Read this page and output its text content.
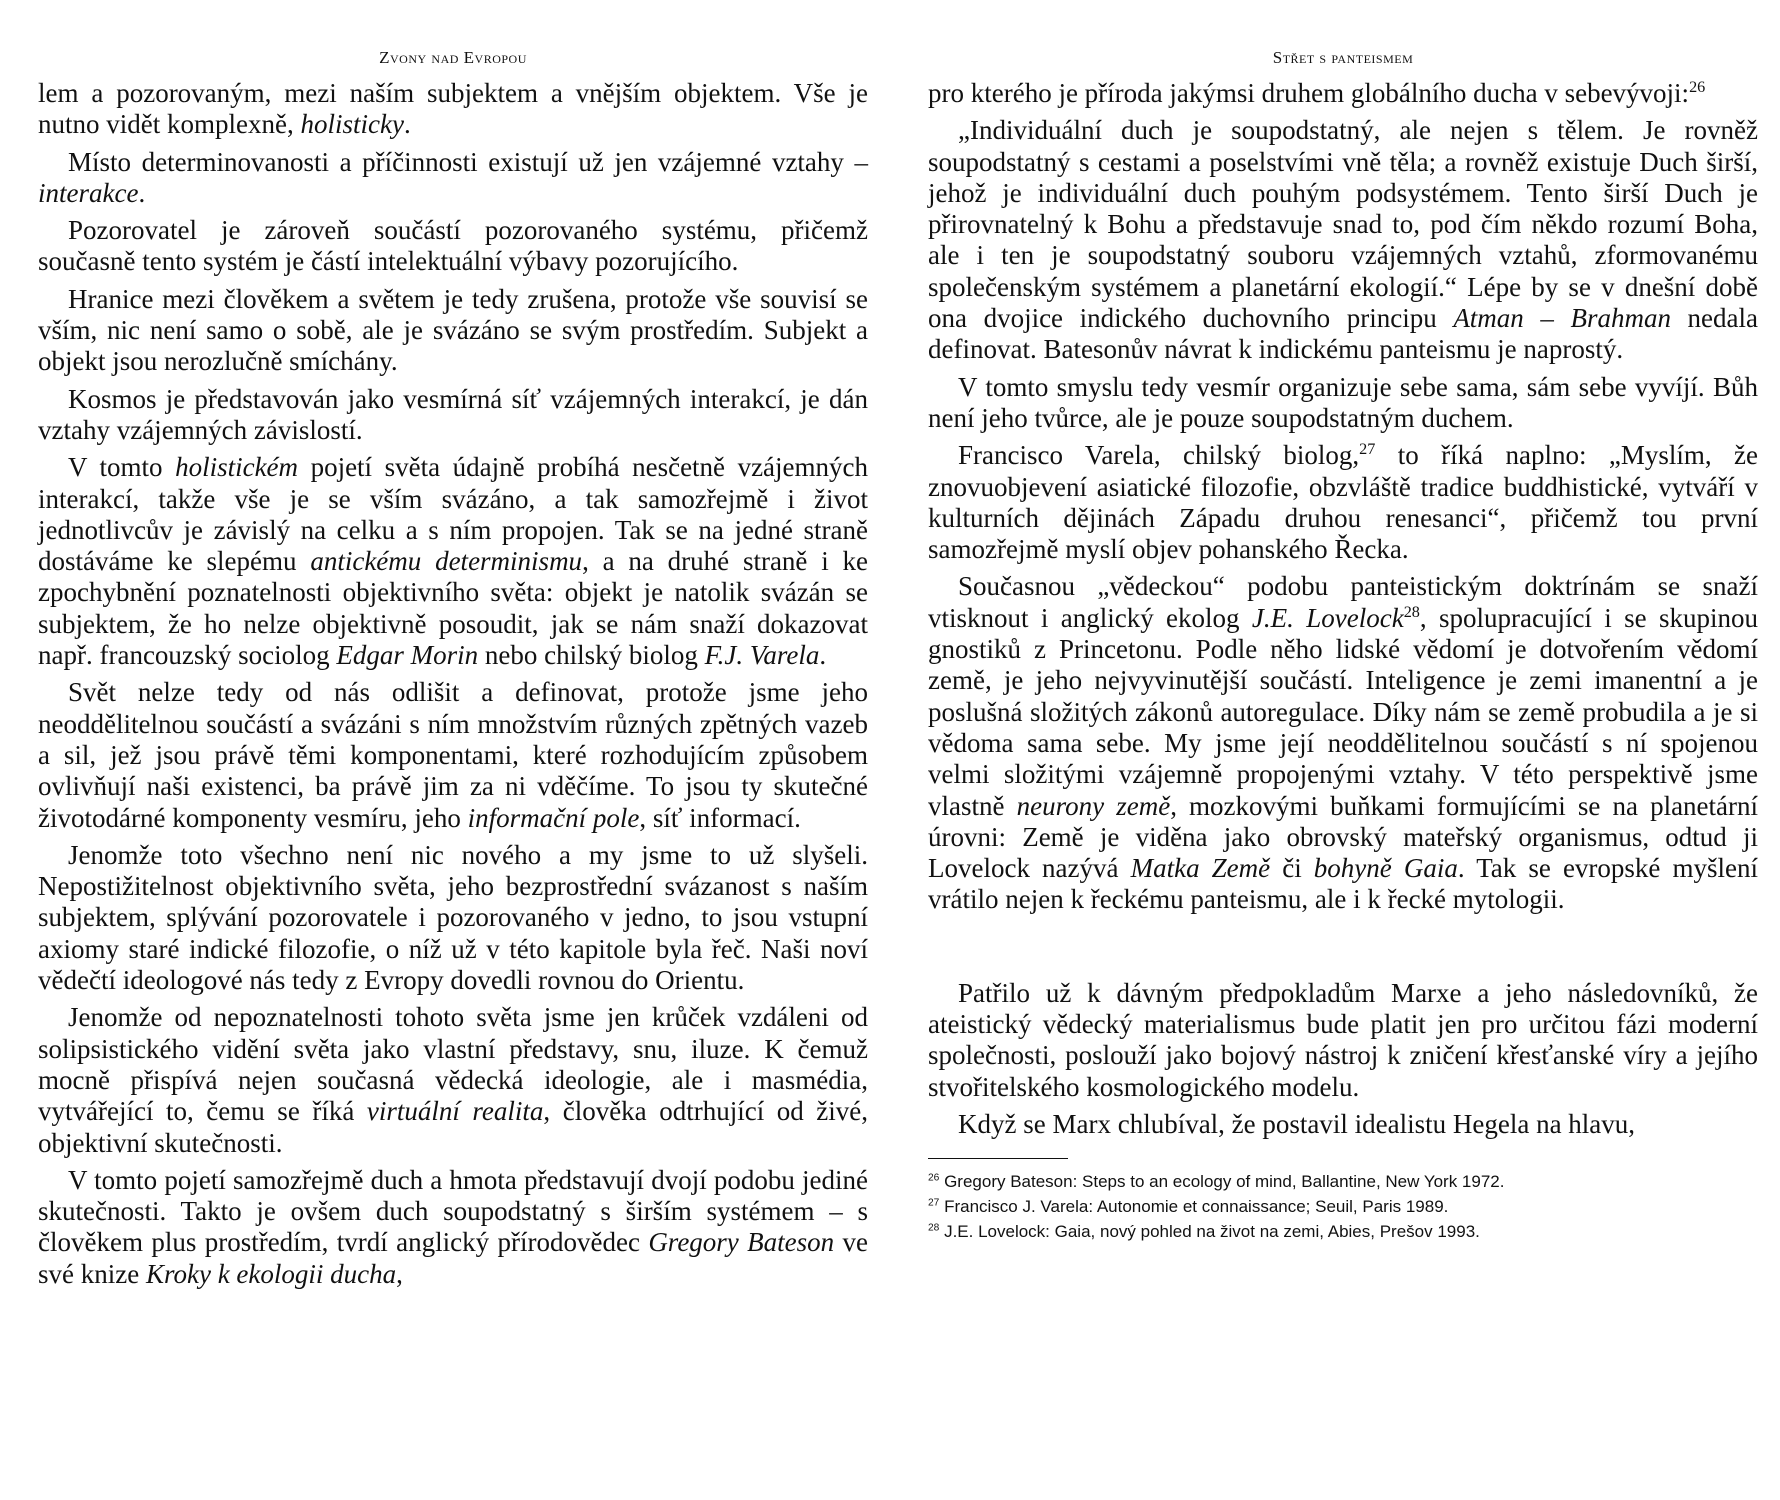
Zvony nad Evropou

lem a pozorovaným, mezi naším subjektem a vnějším objektem. Vše je nutno vidět komplexně, holisticky.

Místo determinovanosti a příčinnosti existují už jen vzájemné vztahy – interakce.

Pozorovatel je zároveň součástí pozorovaného systému, přičemž současně tento systém je částí intelektuální výbavy pozorujícího.

Hranice mezi člověkem a světem je tedy zrušena, protože vše souvisí se vším, nic není samo o sobě, ale je svázáno se svým prostředím. Subjekt a objekt jsou nerozlučně smíchány.

Kosmos je představován jako vesmírná síť vzájemných interakcí, je dán vztahy vzájemných závislostí.

V tomto holistickém pojetí světa údajně probíhá nesčetně vzájemných interakcí, takže vše je se vším svázáno, a tak samozřejmě i život jednotlivcův je závislý na celku a s ním propojen. Tak se na jedné straně dostáváme ke slepému antickému determinismu, a na druhé straně i ke zpochybnění poznatelnosti objektivního světa: objekt je natolik svázán se subjektem, že ho nelze objektivně posoudit, jak se nám snaží dokazovat např. francouzský sociolog Edgar Morin nebo chilský biolog F.J. Varela.

Svět nelze tedy od nás odlišit a definovat, protože jsme jeho neoddělitelnou součástí a svázáni s ním množstvím různých zpětných vazeb a sil, jež jsou právě těmi komponentami, které rozhodujícím způsobem ovlivňují naši existenci, ba právě jim za ni vděčíme. To jsou ty skutečné životodárné komponenty vesmíru, jeho informační pole, síť informací.

Jenomže toto všechno není nic nového a my jsme to už slyšeli. Nepostižitelnost objektivního světa, jeho bezprostřední svázanost s naším subjektem, splývání pozorovatele i pozorovaného v jedno, to jsou vstupní axiomy staré indické filozofie, o níž už v této kapitole byla řeč. Naši noví vědečtí ideologové nás tedy z Evropy dovedli rovnou do Orientu.

Jenomže od nepoznatelnosti tohoto světa jsme jen krůček vzdáleni od solipsistického vidění světa jako vlastní představy, snu, iluze. K čemuž mocně přispívá nejen současná vědecká ideologie, ale i masmédia, vytvářející to, čemu se říká virtuální realita, člověka odtrhující od živé, objektivní skutečnosti.

V tomto pojetí samozřejmě duch a hmota představují dvojí podobu jediné skutečnosti. Takto je ovšem duch soupodstatný s širším systémem – s člověkem plus prostředím, tvrdí anglický přírodovědec Gregory Bateson ve své knize Kroky k ekologii ducha,

Střet s panteismem

pro kterého je příroda jakýmsi druhem globálního ducha v sebevývoji:$^{26}$

„Individuální duch je soupodstatný, ale nejen s tělem. Je rovněž soupodstatný s cestami a poselstvími vně těla; a rovněž existuje Duch širší, jehož je individuální duch pouhým podsystémem. Tento širší Duch je přirovnatelný k Bohu a představuje snad to, pod čím někdo rozumí Boha, ale i ten je soupodstatný souboru vzájemných vztahů, zformovanému společenským systémem a planetární ekologií.“ Lépe by se v dnešní době ona dvojice indického duchovního principu Atman – Brahman nedala definovat. Batesonův návrat k indickému panteismu je naprostý.

V tomto smyslu tedy vesmír organizuje sebe sama, sám sebe vyvíjí. Bůh není jeho tvůrce, ale je pouze soupodstatným duchem.

Francisco Varela, chilský biolog,$^{27}$ to říká naplno: „Myslím, že znovuobjevení asiatické filozofie, obzvláště tradice buddhistické, vytváří v kulturních dějinách Západu druhou renesanci“, přičemž tou první samozřejmě myslí objev pohanského Řecka.

Současnou „vědeckou“ podobu panteistickým doktrínám se snaží vtisknout i anglický ekolog J.E. Lovelock$^{28}$, spolupracující i se skupinou gnostiků z Princetonu. Podle něho lidské vědomí je dotvořením vědomí země, je jeho nejvyvinutější součástí. Inteligence je zemi imanentní a je poslušná složitých zákonů autoregulace. Díky nám se země probudila a je si vědoma sama sebe. My jsme její neoddělitelnou součástí s ní spojenou velmi složitými vzájemně propojenými vztahy. V této perspektivě jsme vlastně neurony země, mozkovými buňkami formujícími se na planetární úrovni: Země je viděna jako obrovský mateřský organismus, odtud ji Lovelock nazývá Matka Země či bohyně Gaia. Tak se evropské myšlení vrátilo nejen k řeckému panteismu, ale i k řecké mytologii.

Patřilo už k dávným předpokladům Marxe a jeho následovníků, že ateistický vědecký materialismus bude platit jen pro určitou fázi moderní společnosti, poslouží jako bojový nástroj k zničení křesťanské víry a jejího stvořitelského kosmologického modelu.

Když se Marx chlubíval, že postavil idealistu Hegela na hlavu,

$^{26}$ Gregory Bateson: Steps to an ecology of mind, Ballantine, New York 1972.
$^{27}$ Francisco J. Varela: Autonomie et connaissance; Seuil, Paris 1989.
$^{28}$ J.E. Lovelock: Gaia, nový pohled na život na zemi, Abies, Prešov 1993.
